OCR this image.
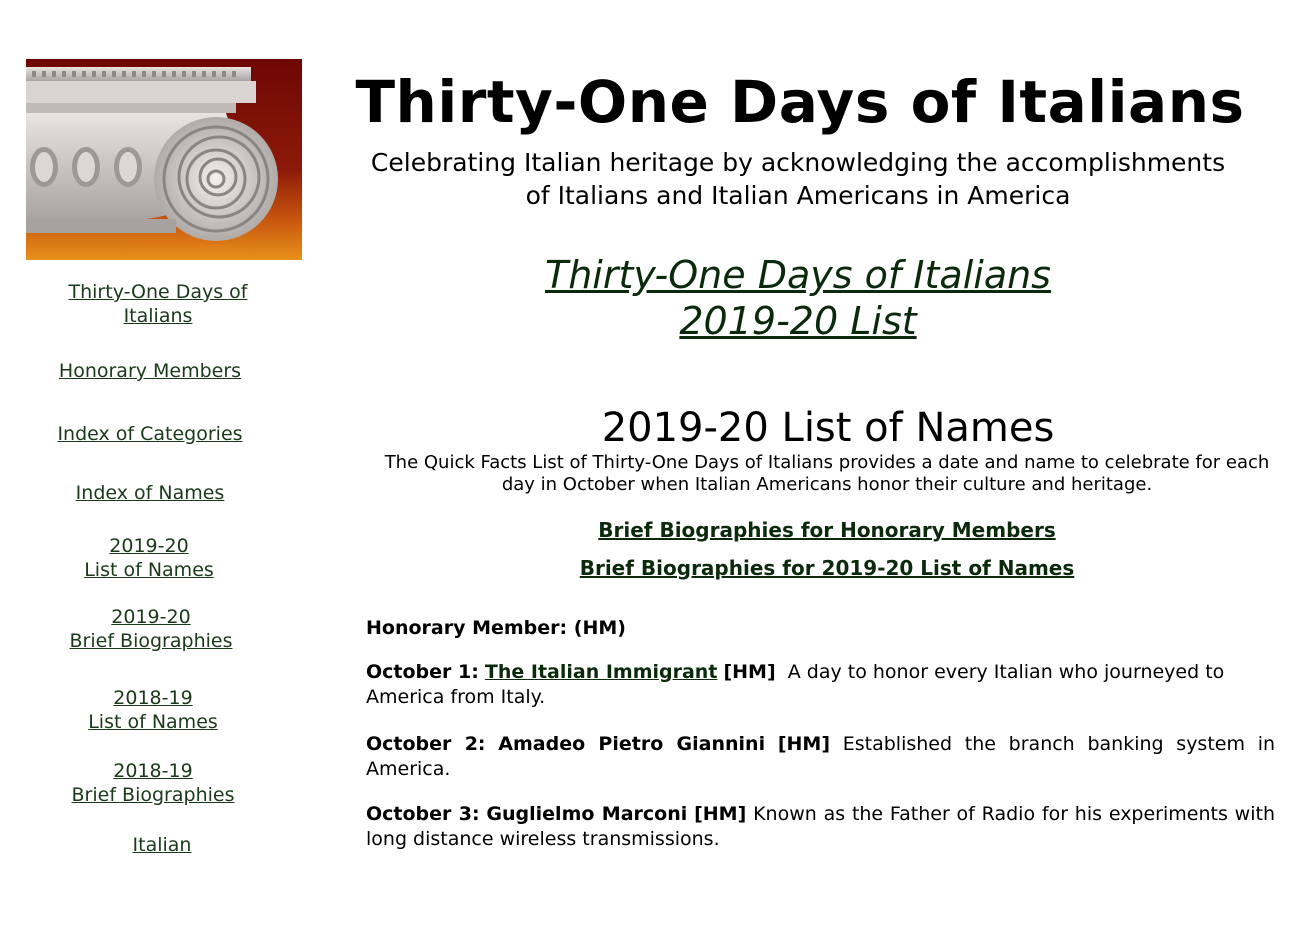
Thirty-One Days of
Italians
Honorary Members
Index of Categories
Index of Names
2019-20
List of Names
2019-20
Brief Biographies
2018-19
List of Names
2018-19
Brief Biographies
Italian
Thirty-One Days of Italians
Celebrating Italian heritage by acknowledging the accomplishments
of Italians and Italian Americans in America
Thirty-One Days of Italians
2019-20 List
2019-20 List of Names

The Quick Facts List of Thirty-One Days of Italians provides a date and name to celebrate for each day in October when Italian Americans honor their culture and heritage.

Brief Biographies for Honorary Members
Brief Biographies for 2019-20 List of Names

Honorary Member: (HM)

October 1: The Italian Immigrant [HM] A day to honor every Italian who journeyed to America from Italy.

October 2: Amadeo Pietro Giannini [HM] Established the branch banking system in America.

October 3: Guglielmo Marconi [HM] Known as the Father of Radio for his experiments with long distance wireless transmissions.
